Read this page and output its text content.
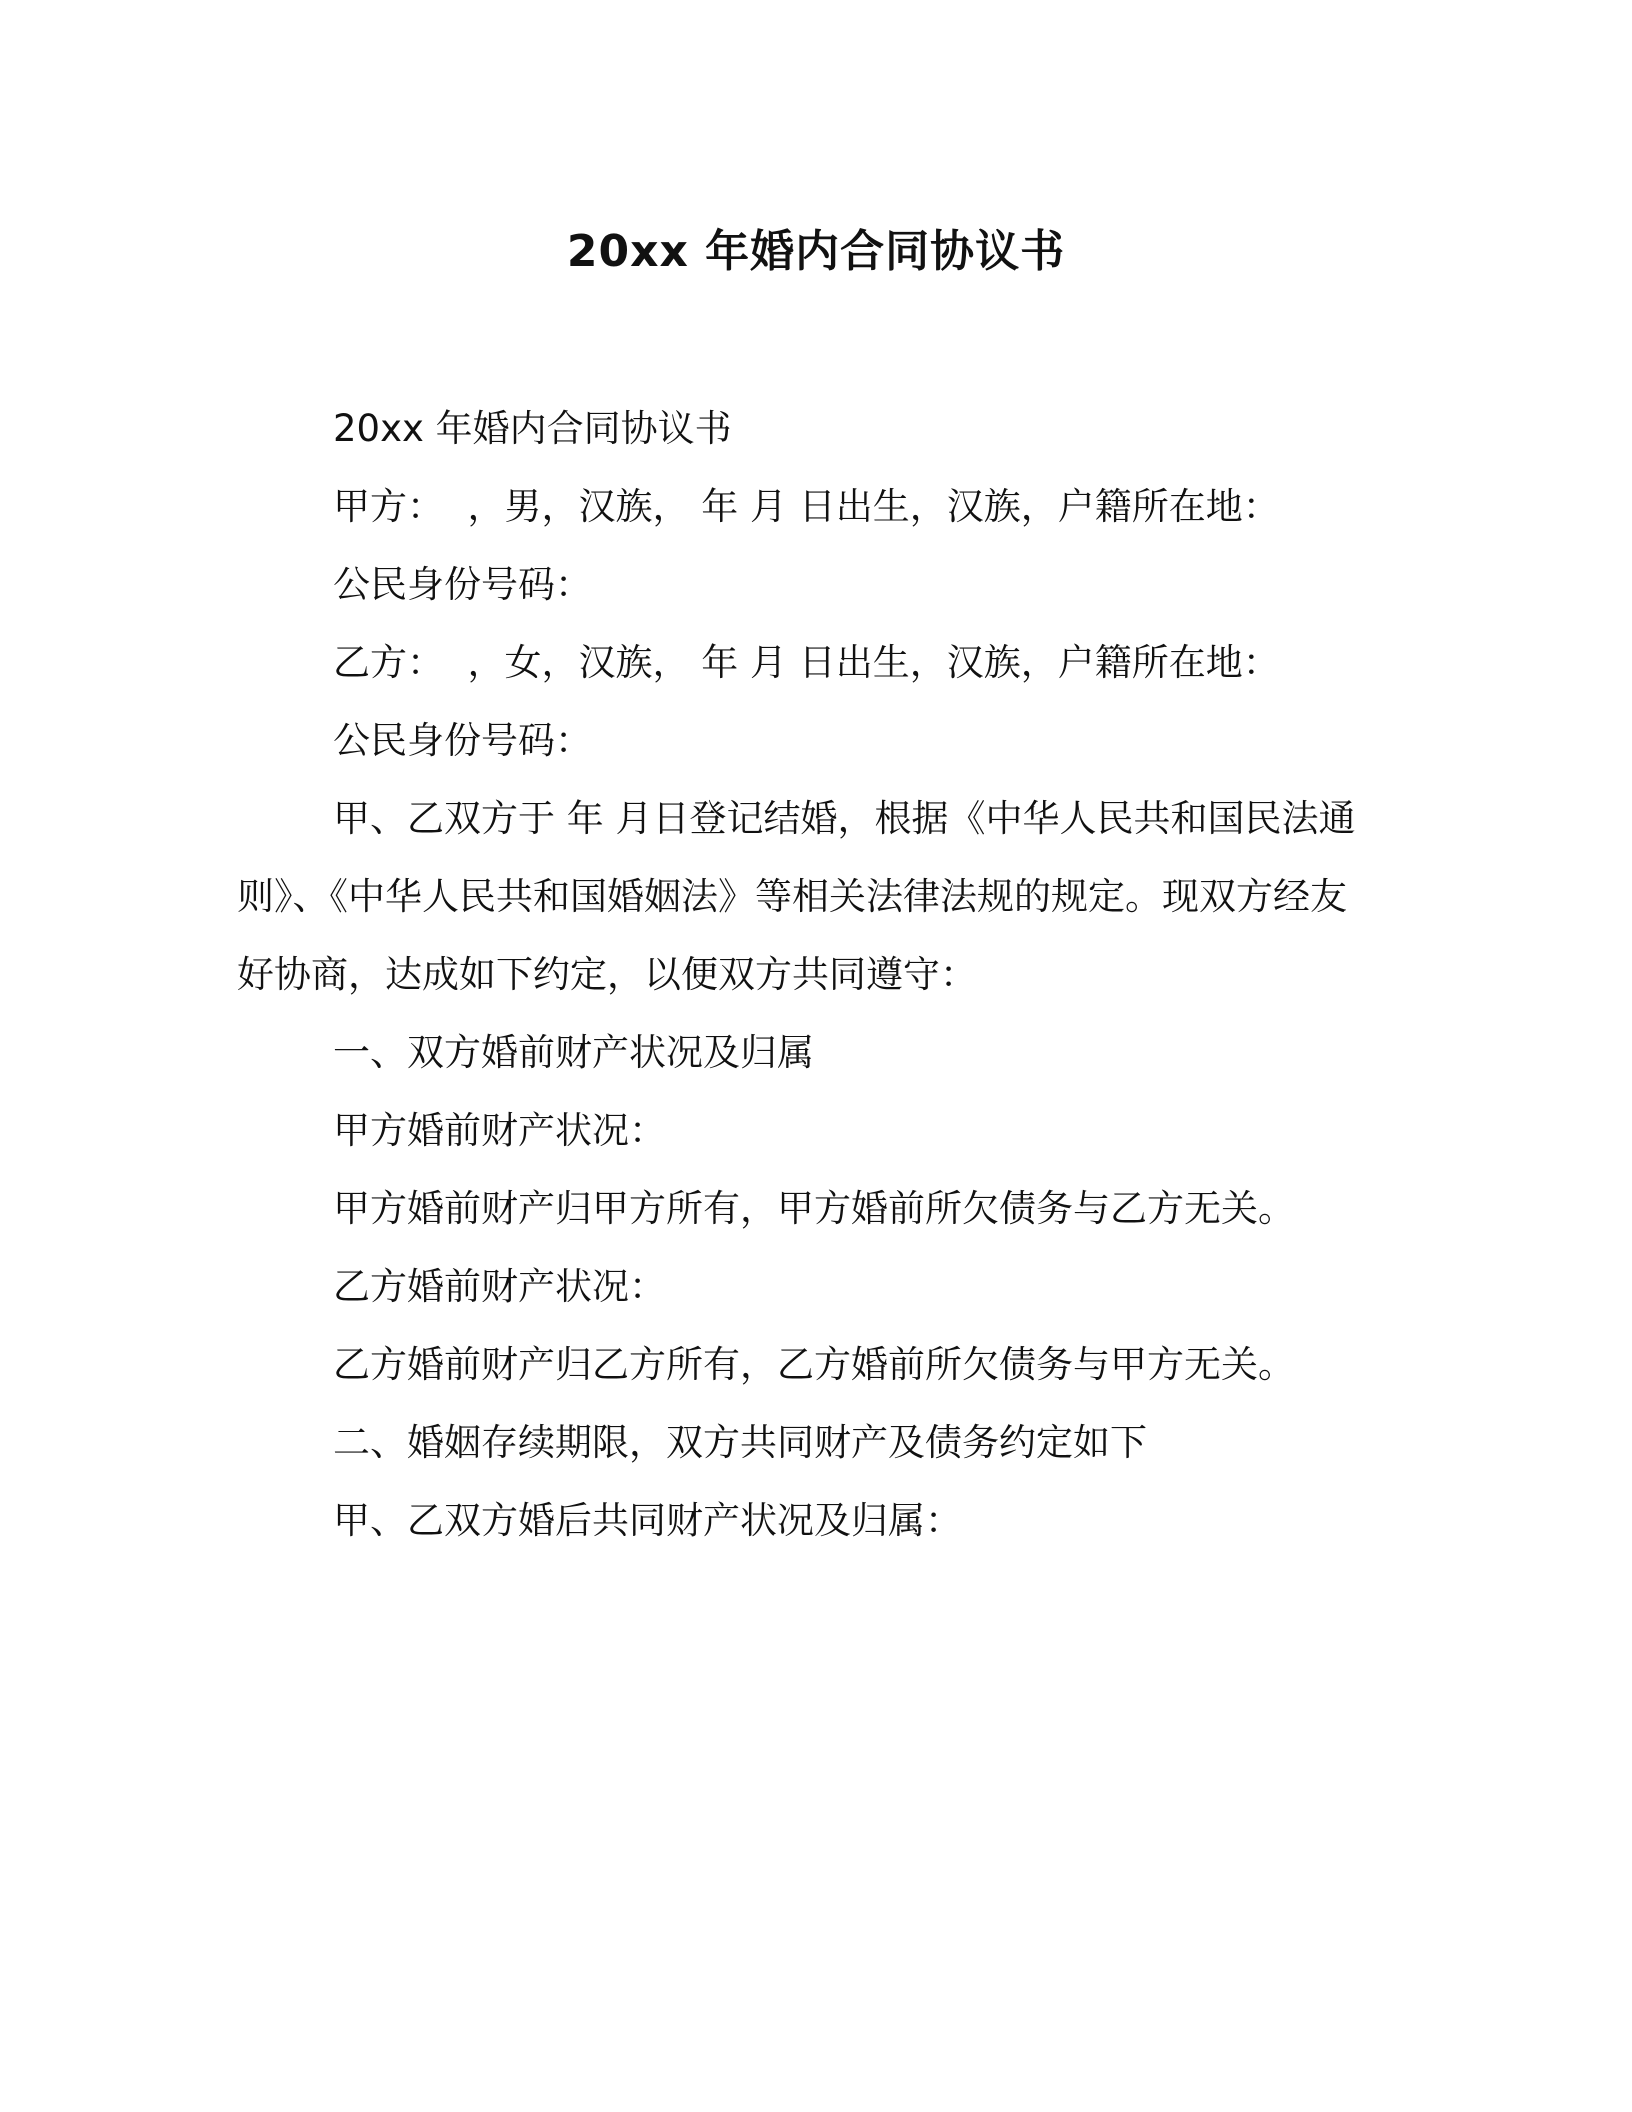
20xx 年婚内合同协议书

20xx 年婚内合同协议书

甲方：  ，男，汉族， 年 月 日出生，汉族，户籍所在地：

公民身份号码：

乙方：  ，女，汉族， 年 月 日出生，汉族，户籍所在地：

公民身份号码：

甲、乙双方于 年 月日登记结婚，根据《中华人民共和国民法通则》、《中华人民共和国婚姻法》等相关法律法规的规定。现双方经友好协商，达成如下约定，以便双方共同遵守：

一、双方婚前财产状况及归属

甲方婚前财产状况：

甲方婚前财产归甲方所有，甲方婚前所欠债务与乙方无关。

乙方婚前财产状况：

乙方婚前财产归乙方所有，乙方婚前所欠债务与甲方无关。

二、婚姻存续期限，双方共同财产及债务约定如下

甲、乙双方婚后共同财产状况及归属：
